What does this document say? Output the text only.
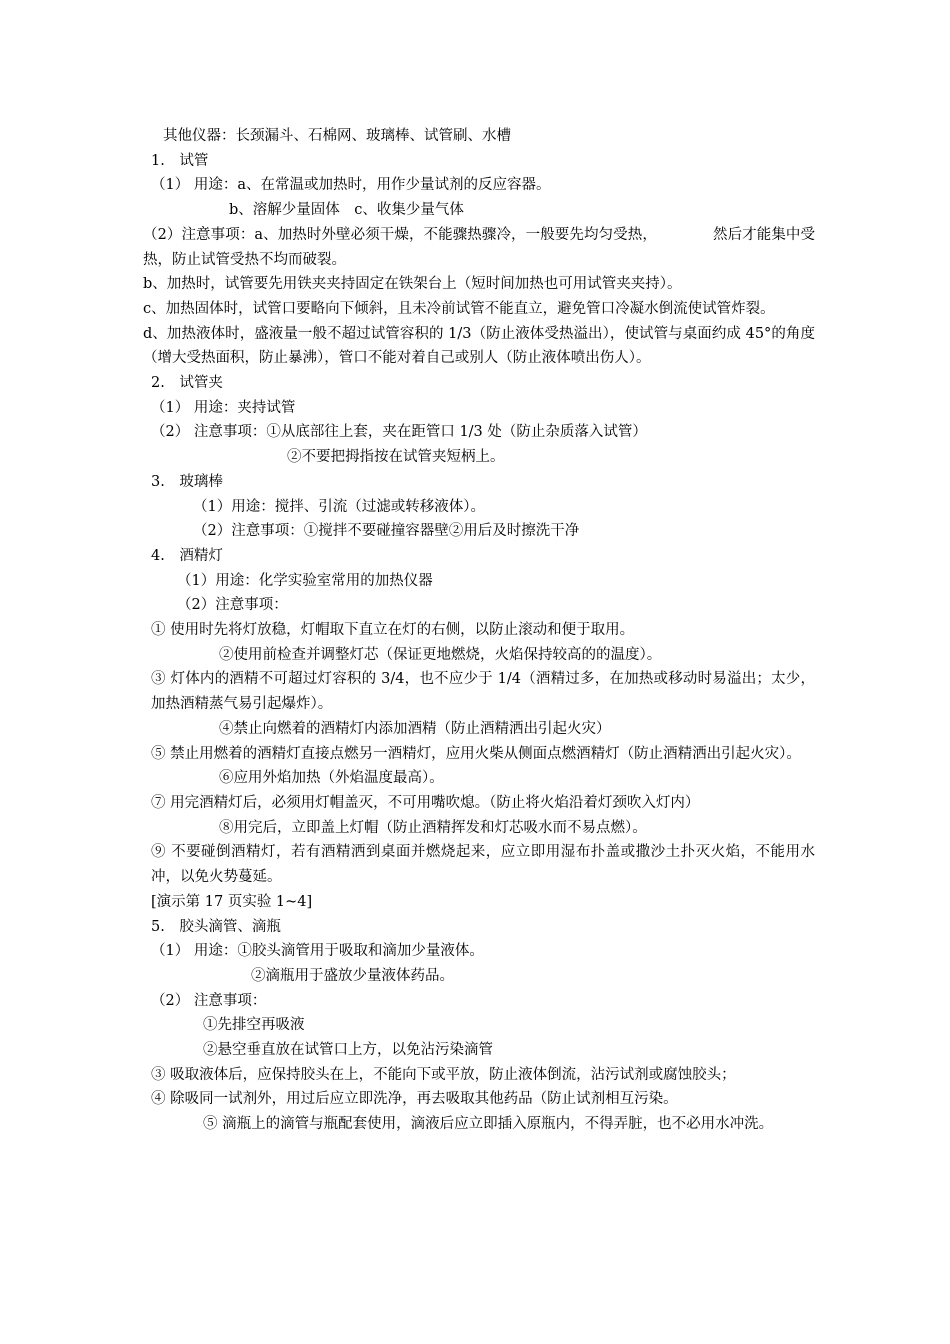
其他仪器：长颈漏斗、石棉网、玻璃棒、试管刷、水槽
1.　试管
（1） 用途：a、在常温或加热时，用作少量试剂的反应容器。
b、溶解少量固体　c、收集少量气体
（2）注意事项：a、加热时外壁必须干燥，不能骤热骤冷，一般要先均匀受热，	然后才能集中受热，防止试管受热不均而破裂。
b、加热时，试管要先用铁夹夹持固定在铁架台上（短时间加热也可用试管夹夹持）。
c、加热固体时，试管口要略向下倾斜，且未冷前试管不能直立，避免管口冷凝水倒流使试管炸裂。
d、加热液体时，盛液量一般不超过试管容积的 1/3（防止液体受热溢出），使试管与桌面约成 45°的角度（增大受热面积，防止暴沸），管口不能对着自己或别人（防止液体喷出伤人）。
2.　试管夹
（1） 用途：夹持试管
（2） 注意事项：①从底部往上套，夹在距管口 1/3 处（防止杂质落入试管）
②不要把拇指按在试管夹短柄上。
3.　玻璃棒
（1）用途：搅拌、引流（过滤或转移液体）。
（2）注意事项：①搅拌不要碰撞容器壁②用后及时擦洗干净
4.　酒精灯
（1）用途：化学实验室常用的加热仪器
（2）注意事项：
① 使用时先将灯放稳，灯帽取下直立在灯的右侧，以防止滚动和便于取用。
②使用前检查并调整灯芯（保证更地燃烧，火焰保持较高的的温度）。
③ 灯体内的酒精不可超过灯容积的 3/4，也不应少于 1/4（酒精过多，在加热或移动时易溢出；太少，加热酒精蒸气易引起爆炸）。
④禁止向燃着的酒精灯内添加酒精（防止酒精洒出引起火灾）
⑤ 禁止用燃着的酒精灯直接点燃另一酒精灯，应用火柴从侧面点燃酒精灯（防止酒精洒出引起火灾）。
⑥应用外焰加热（外焰温度最高）。
⑦ 用完酒精灯后，必须用灯帽盖灭，不可用嘴吹熄。（防止将火焰沿着灯颈吹入灯内）
⑧用完后，立即盖上灯帽（防止酒精挥发和灯芯吸水而不易点燃）。
⑨ 不要碰倒酒精灯，若有酒精洒到桌面并燃烧起来，应立即用湿布扑盖或撒沙土扑灭火焰，不能用水冲，以免火势蔓延。
[演示第 17 页实验 1~4]
5.　胶头滴管、滴瓶
（1） 用途：①胶头滴管用于吸取和滴加少量液体。
②滴瓶用于盛放少量液体药品。
（2） 注意事项：
①先排空再吸液
②悬空垂直放在试管口上方，以免沾污染滴管
③ 吸取液体后，应保持胶头在上，不能向下或平放，防止液体倒流，沾污试剂或腐蚀胶头；
④ 除吸同一试剂外，用过后应立即洗净，再去吸取其他药品（防止试剂相互污染。
⑤ 滴瓶上的滴管与瓶配套使用，滴液后应立即插入原瓶内，不得弄脏，也不必用水冲洗。
